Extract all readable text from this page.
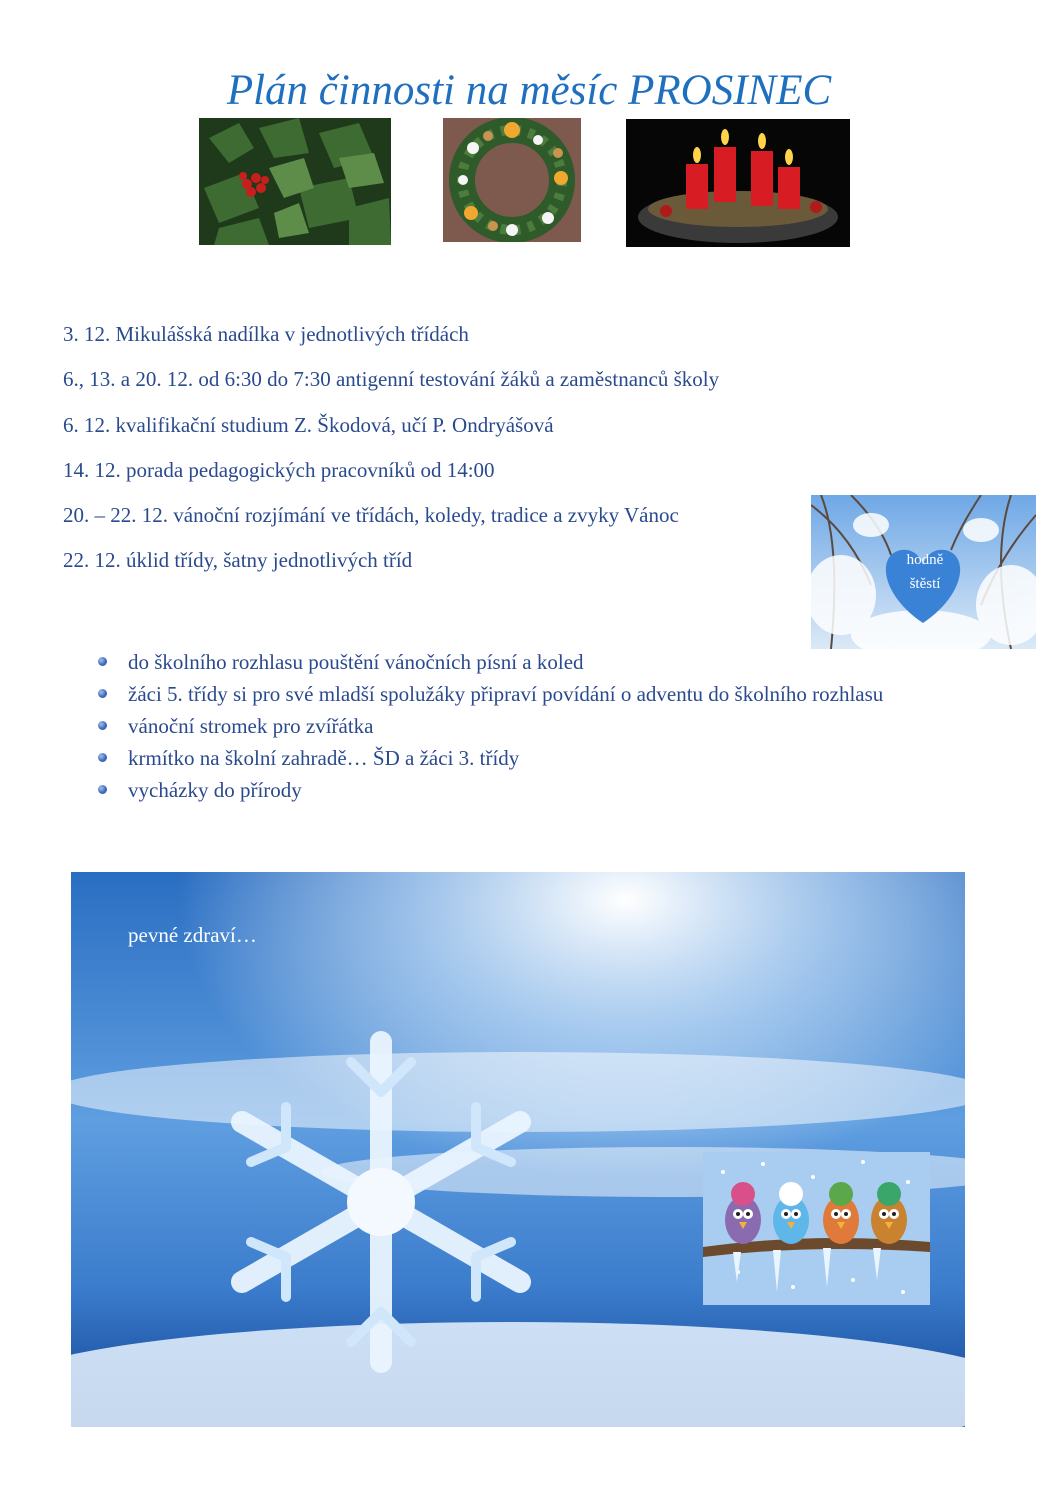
Plán činnosti na měsíc PROSINEC
3. 12. Mikulášská nadílka v jednotlivých třídách
6., 13. a 20. 12. od 6:30 do 7:30 antigenní testování žáků a zaměstnanců školy
6. 12. kvalifikační studium Z. Škodová, učí P. Ondryášová
14. 12. porada pedagogických pracovníků od 14:00
20. – 22. 12. vánoční rozjímání ve třídách, koledy, tradice a zvyky Vánoc
22. 12. úklid třídy, šatny jednotlivých tříd	hodně
štěstí
do školního rozhlasu pouštění vánočních písní a koled
žáci 5. třídy si pro své mladší spolužáky připraví povídání o adventu do školního rozhlasu
vánoční stromek pro zvířátka
krmítko na školní zahradě… ŠD a žáci 3. třídy
vycházky do přírody
pevné zdraví…
